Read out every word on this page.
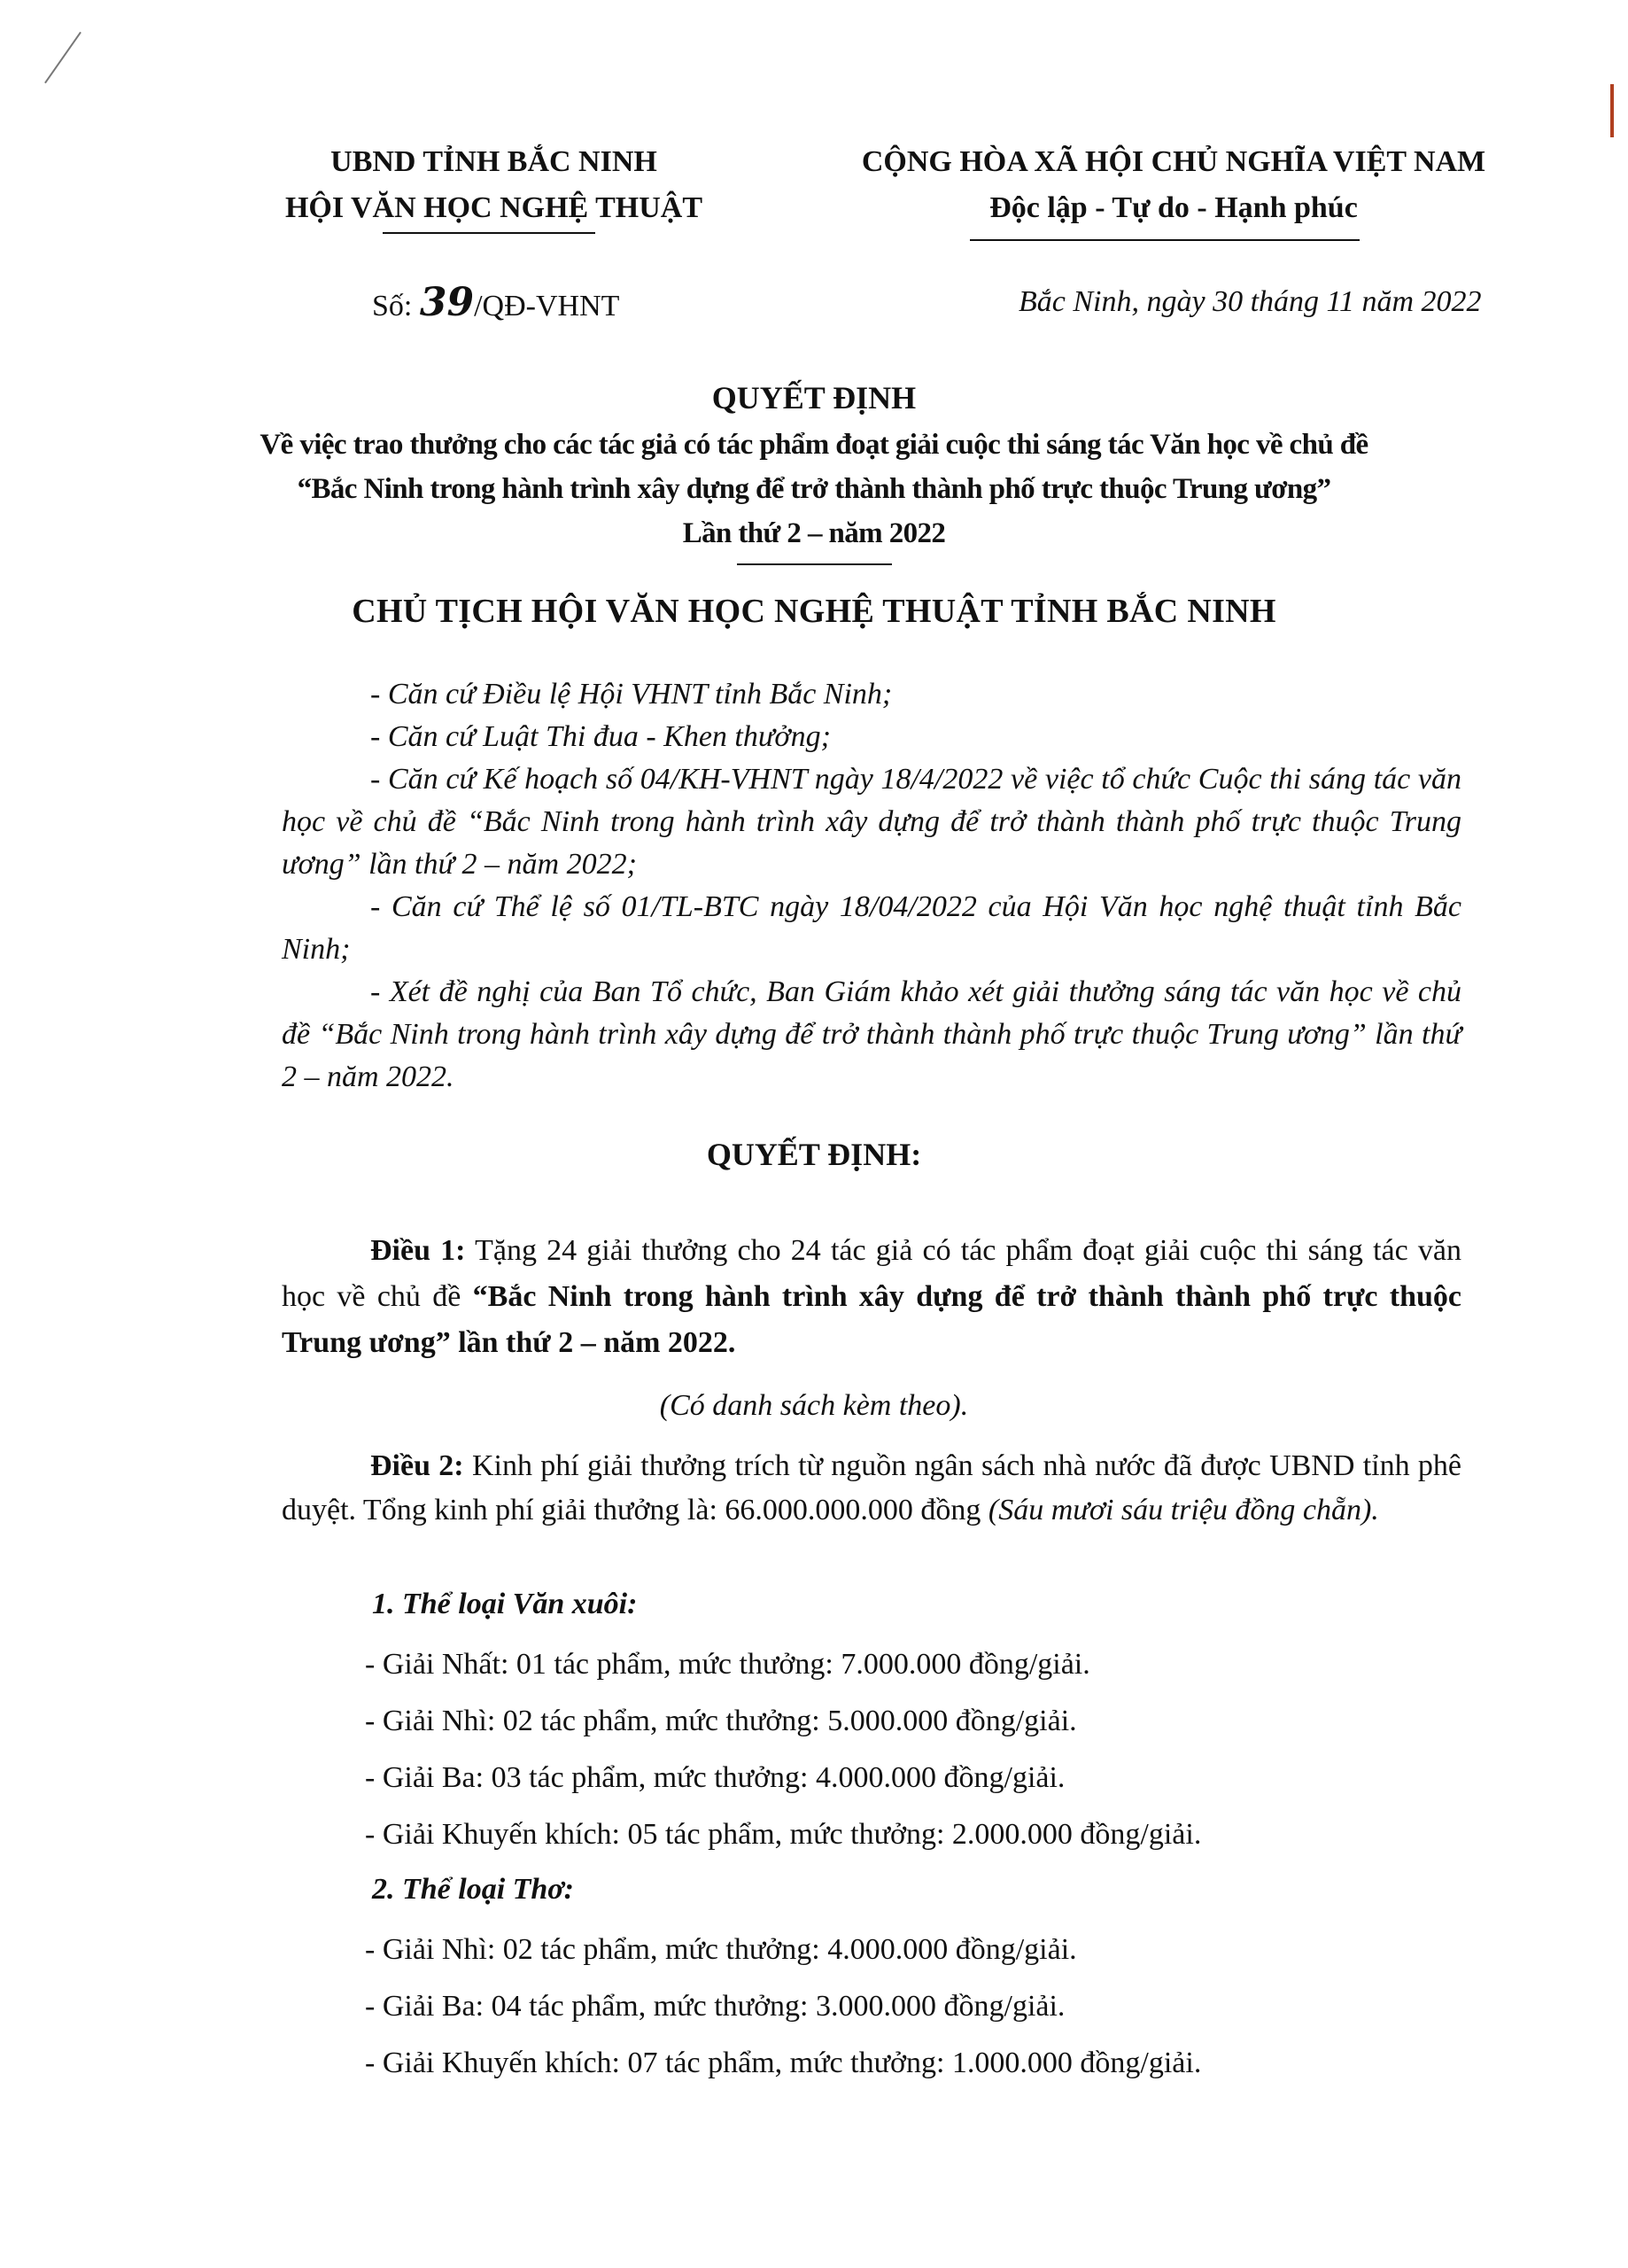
UBND TỈNH BẮC NINH
HỘI VĂN HỌC NGHỆ THUẬT
CỘNG HÒA XÃ HỘI CHỦ NGHĨA VIỆT NAM
Độc lập - Tự do - Hạnh phúc
Số: 39/QĐ-VHNT	Bắc Ninh, ngày 30 tháng 11 năm 2022
QUYẾT ĐỊNH
Về việc trao thưởng cho các tác giả có tác phẩm đoạt giải cuộc thi sáng tác Văn học về chủ đề
“Bắc Ninh trong hành trình xây dựng để trở thành thành phố trực thuộc Trung ương”
Lần thứ 2 – năm 2022
CHỦ TỊCH HỘI VĂN HỌC NGHỆ THUẬT TỈNH BẮC NINH

- Căn cứ Điều lệ Hội VHNT tỉnh Bắc Ninh;

- Căn cứ Luật Thi đua - Khen thưởng;

- Căn cứ Kế hoạch số 04/KH-VHNT ngày 18/4/2022 về việc tổ chức Cuộc thi sáng tác văn học về chủ đề “Bắc Ninh trong hành trình xây dựng để trở thành thành phố trực thuộc Trung ương” lần thứ 2 – năm 2022;

- Căn cứ Thể lệ số 01/TL-BTC ngày 18/04/2022 của Hội Văn học nghệ thuật tỉnh Bắc Ninh;

- Xét đề nghị của Ban Tổ chức, Ban Giám khảo xét giải thưởng sáng tác văn học về chủ đề “Bắc Ninh trong hành trình xây dựng để trở thành thành phố trực thuộc Trung ương” lần thứ 2 – năm 2022.

QUYẾT ĐỊNH:

Điều 1: Tặng 24 giải thưởng cho 24 tác giả có tác phẩm đoạt giải cuộc thi sáng tác văn học về chủ đề “Bắc Ninh trong hành trình xây dựng để trở thành thành phố trực thuộc Trung ương” lần thứ 2 – năm 2022.

(Có danh sách kèm theo).

Điều 2: Kinh phí giải thưởng trích từ nguồn ngân sách nhà nước đã được UBND tỉnh phê duyệt. Tổng kinh phí giải thưởng là: 66.000.000.000 đồng (Sáu mươi sáu triệu đồng chẵn).

1. Thể loại Văn xuôi:
- Giải Nhất: 01 tác phẩm, mức thưởng: 7.000.000 đồng/giải.
- Giải Nhì: 02 tác phẩm, mức thưởng: 5.000.000 đồng/giải.
- Giải Ba: 03 tác phẩm, mức thưởng: 4.000.000 đồng/giải.
- Giải Khuyến khích: 05 tác phẩm, mức thưởng: 2.000.000 đồng/giải.
2. Thể loại Thơ:
- Giải Nhì: 02 tác phẩm, mức thưởng: 4.000.000 đồng/giải.
- Giải Ba: 04 tác phẩm, mức thưởng: 3.000.000 đồng/giải.
- Giải Khuyến khích: 07 tác phẩm, mức thưởng: 1.000.000 đồng/giải.
